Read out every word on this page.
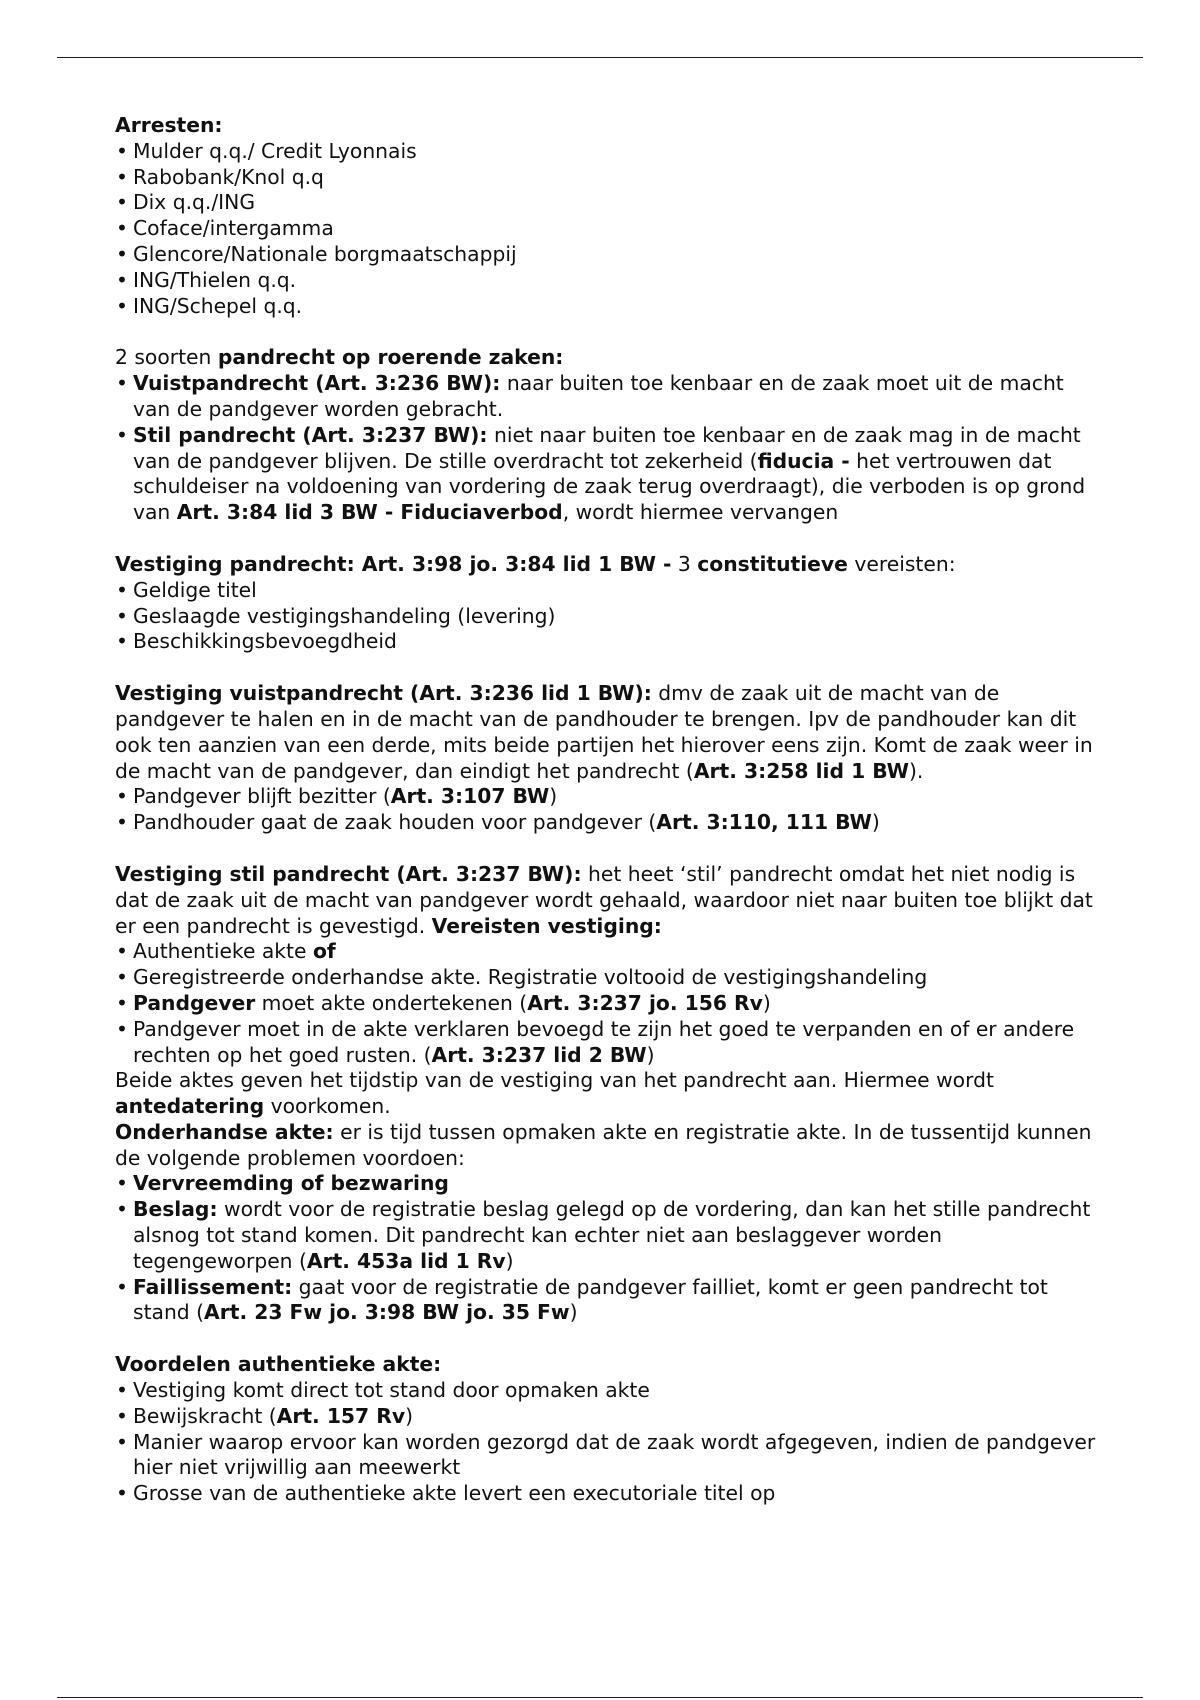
Arresten:

• Mulder q.q./ Credit Lyonnais
• Rabobank/Knol q.q
• Dix q.q./ING
• Coface/intergamma
• Glencore/Nationale borgmaatschappij
• ING/Thielen q.q.
• ING/Schepel q.q.

2 soorten pandrecht op roerende zaken:

• Vuistpandrecht (Art. 3:236 BW): naar buiten toe kenbaar en de zaak moet uit de macht van de pandgever worden gebracht.
• Stil pandrecht (Art. 3:237 BW): niet naar buiten toe kenbaar en de zaak mag in de macht van de pandgever blijven. De stille overdracht tot zekerheid (fiducia - het vertrouwen dat schuldeiser na voldoening van vordering de zaak terug overdraagt), die verboden is op grond van Art. 3:84 lid 3 BW - Fiduciaverbod, wordt hiermee vervangen

Vestiging pandrecht: Art. 3:98 jo. 3:84 lid 1 BW - 3 constitutieve vereisten:

• Geldige titel
• Geslaagde vestigingshandeling (levering)
• Beschikkingsbevoegdheid

Vestiging vuistpandrecht (Art. 3:236 lid 1 BW): dmv de zaak uit de macht van de pandgever te halen en in de macht van de pandhouder te brengen. Ipv de pandhouder kan dit ook ten aanzien van een derde, mits beide partijen het hierover eens zijn. Komt de zaak weer in de macht van de pandgever, dan eindigt het pandrecht (Art. 3:258 lid 1 BW).

• Pandgever blijft bezitter (Art. 3:107 BW)
• Pandhouder gaat de zaak houden voor pandgever (Art. 3:110, 111 BW)

Vestiging stil pandrecht (Art. 3:237 BW): het heet ‘stil’ pandrecht omdat het niet nodig is dat de zaak uit de macht van pandgever wordt gehaald, waardoor niet naar buiten toe blijkt dat er een pandrecht is gevestigd. Vereisten vestiging:

• Authentieke akte of
• Geregistreerde onderhandse akte. Registratie voltooid de vestigingshandeling
• Pandgever moet akte ondertekenen (Art. 3:237 jo. 156 Rv)
• Pandgever moet in de akte verklaren bevoegd te zijn het goed te verpanden en of er andere rechten op het goed rusten. (Art. 3:237 lid 2 BW)

Beide aktes geven het tijdstip van de vestiging van het pandrecht aan. Hiermee wordt antedatering voorkomen.

Onderhandse akte: er is tijd tussen opmaken akte en registratie akte. In de tussentijd kunnen de volgende problemen voordoen:

• Vervreemding of bezwaring
• Beslag: wordt voor de registratie beslag gelegd op de vordering, dan kan het stille pandrecht alsnog tot stand komen. Dit pandrecht kan echter niet aan beslaggever worden tegengeworpen (Art. 453a lid 1 Rv)
• Faillissement: gaat voor de registratie de pandgever failliet, komt er geen pandrecht tot stand (Art. 23 Fw jo. 3:98 BW jo. 35 Fw)

Voordelen authentieke akte:

• Vestiging komt direct tot stand door opmaken akte
• Bewijskracht (Art. 157 Rv)
• Manier waarop ervoor kan worden gezorgd dat de zaak wordt afgegeven, indien de pandgever hier niet vrijwillig aan meewerkt
• Grosse van de authentieke akte levert een executoriale titel op
